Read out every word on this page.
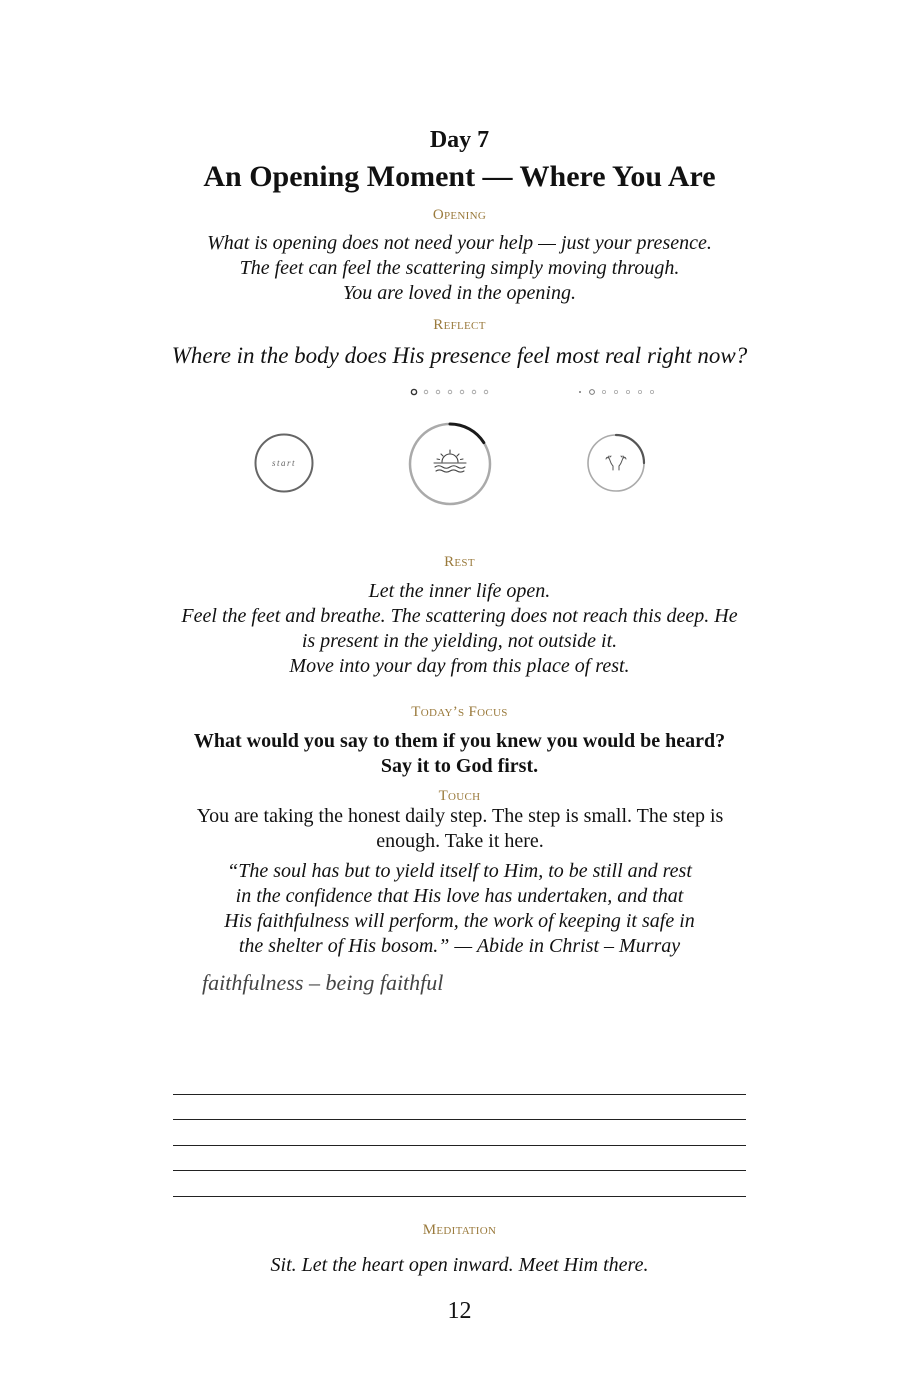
Day 7
An Opening Moment — Where You Are
Opening
What is opening does not need your help — just your presence.
The feet can feel the scattering simply moving through.
You are loved in the opening.
Reflect
Where in the body does His presence feel most real right now?
start
Rest
Let the inner life open.
Feel the feet and breathe. The scattering does not reach this deep. He
is present in the yielding, not outside it.
Move into your day from this place of rest.
Today’s Focus
What would you say to them if you knew you would be heard?
Say it to God first.
Touch
You are taking the honest daily step. The step is small. The step is
enough. Take it here.
“The soul has but to yield itself to Him, to be still and rest
in the confidence that His love has undertaken, and that
His faithfulness will perform, the work of keeping it safe in
the shelter of His bosom.” — Abide in Christ – Murray
faithfulness – being faithful
Meditation
Sit. Let the heart open inward. Meet Him there.
12
